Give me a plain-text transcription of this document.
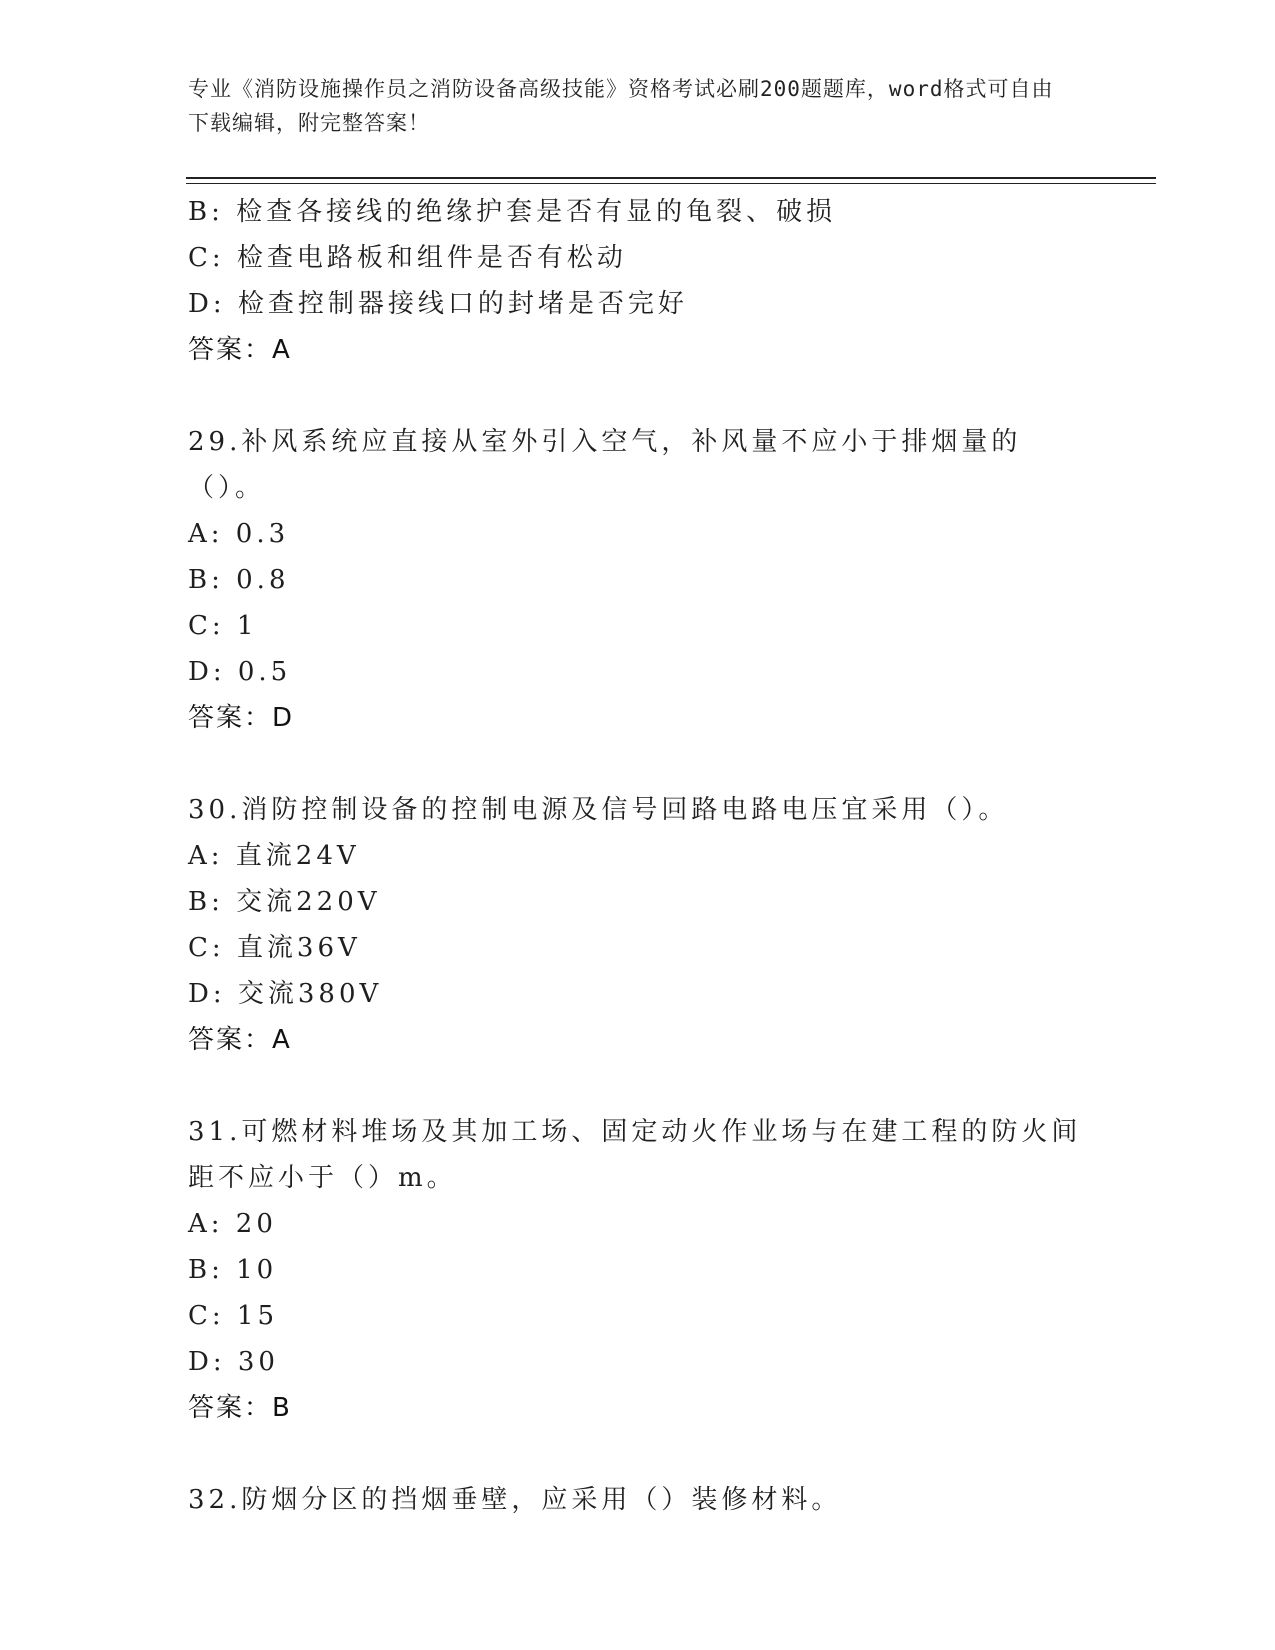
专业《消防设施操作员之消防设备高级技能》资格考试必刷200题题库，word格式可自由下载编辑，附完整答案！
B: 检查各接线的绝缘护套是否有显的龟裂、破损
C: 检查电路板和组件是否有松动
D: 检查控制器接线口的封堵是否完好
答案：A
29.补风系统应直接从室外引入空气，补风量不应小于排烟量的（）。
A: 0.3
B: 0.8
C: 1
D: 0.5
答案：D
30.消防控制设备的控制电源及信号回路电路电压宜采用（）。
A: 直流24V
B: 交流220V
C: 直流36V
D: 交流380V
答案：A
31.可燃材料堆场及其加工场、固定动火作业场与在建工程的防火间距不应小于（）m。
A: 20
B: 10
C: 15
D: 30
答案：B
32.防烟分区的挡烟垂壁，应采用（）装修材料。
